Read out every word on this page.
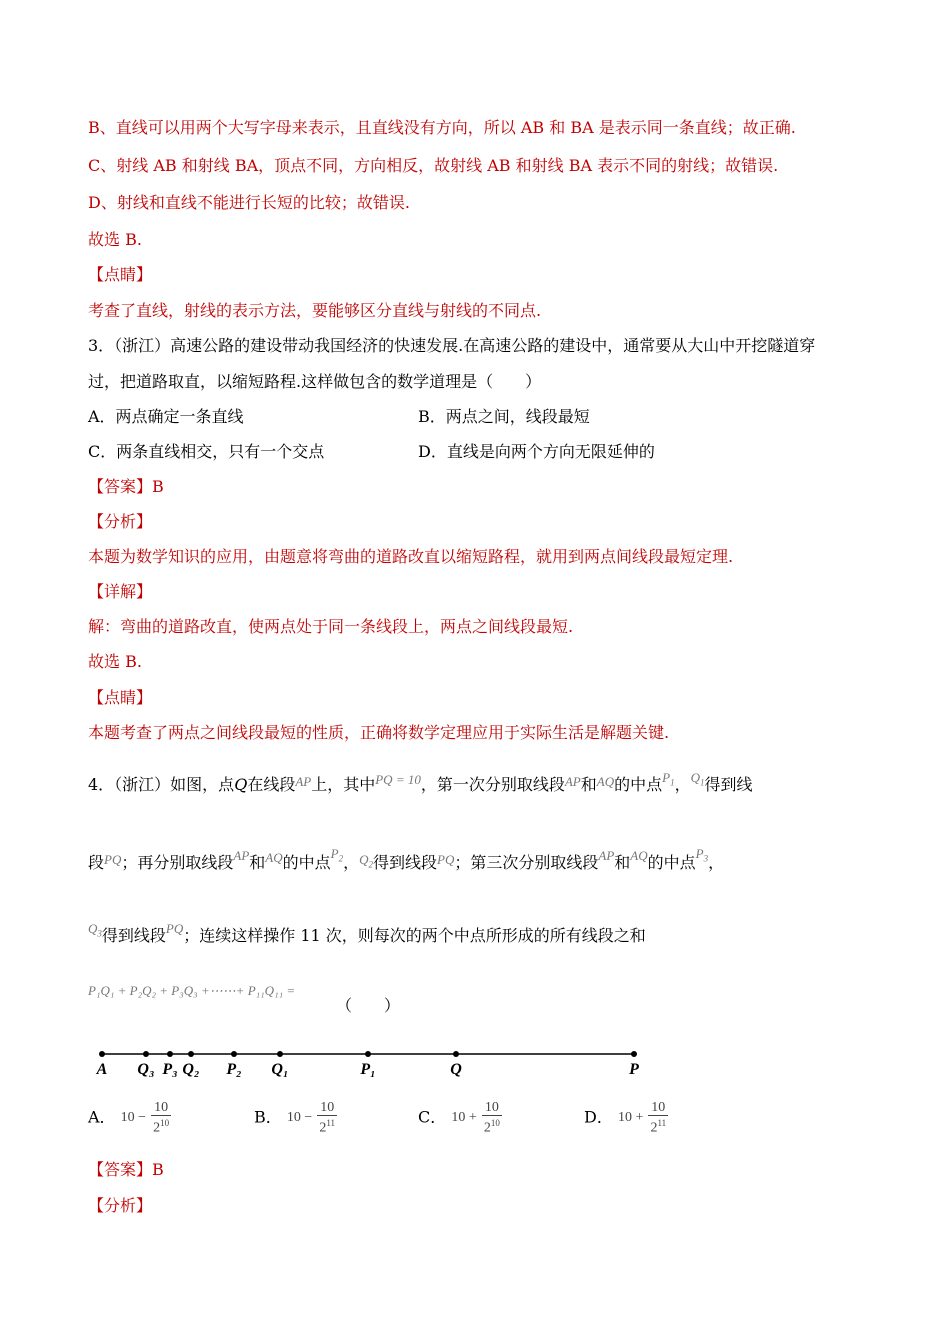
B、直线可以用两个大写字母来表示，且直线没有方向，所以 AB 和 BA 是表示同一条直线；故正确.
C、射线 AB 和射线 BA，顶点不同，方向相反，故射线 AB 和射线 BA 表示不同的射线；故错误.
D、射线和直线不能进行长短的比较；故错误.
故选 B.
【点睛】
考查了直线，射线的表示方法，要能够区分直线与射线的不同点.
3．（浙江）高速公路的建设带动我国经济的快速发展.在高速公路的建设中，通常要从大山中开挖隧道穿
过，把道路取直，以缩短路程.这样做包含的数学道理是（　　）
A．两点确定一条直线	B．两点之间，线段最短
C．两条直线相交，只有一个交点	D．直线是向两个方向无限延伸的
【答案】B
【分析】
本题为数学知识的应用，由题意将弯曲的道路改直以缩短路程，就用到两点间线段最短定理.
【详解】
解：弯曲的道路改直，使两点处于同一条线段上，两点之间线段最短.
故选 B.
【点睛】
本题考查了两点之间线段最短的性质，正确将数学定理应用于实际生活是解题关键.
4．（浙江）如图，点Q在线段$^{AP}$上，其中$^{PQ = 10}$，第一次分别取线段$^{AP}$和$^{AQ}$的中点$^{P_1}$，$^{Q_1}$得到线
段$^{PQ}$；再分别取线段$^{AP}$和$^{AQ}$的中点$^{P_2}$，$^{Q_2}$得到线段$^{PQ}$；第三次分别取线段$^{AP}$和$^{AQ}$的中点$^{P_3}$，
$^{Q_3}$得到线段$^{PQ}$；连续这样操作 11 次，则每次的两个中点所形成的所有线段之和
P₁Q₁ + P₂Q₂ + P₃Q₃ +⋯⋯+ P₁₁Q₁₁ =
（　　）
A Q₃ P₃ Q₂ P₂ Q₁	P₁	Q	P
A． $10 - \frac{10}{2^{10}}$	B． $10 - \frac{10}{2^{11}}$	C． $10 + \frac{10}{2^{10}}$	D． $10 + \frac{10}{2^{11}}$
【答案】B
【分析】
